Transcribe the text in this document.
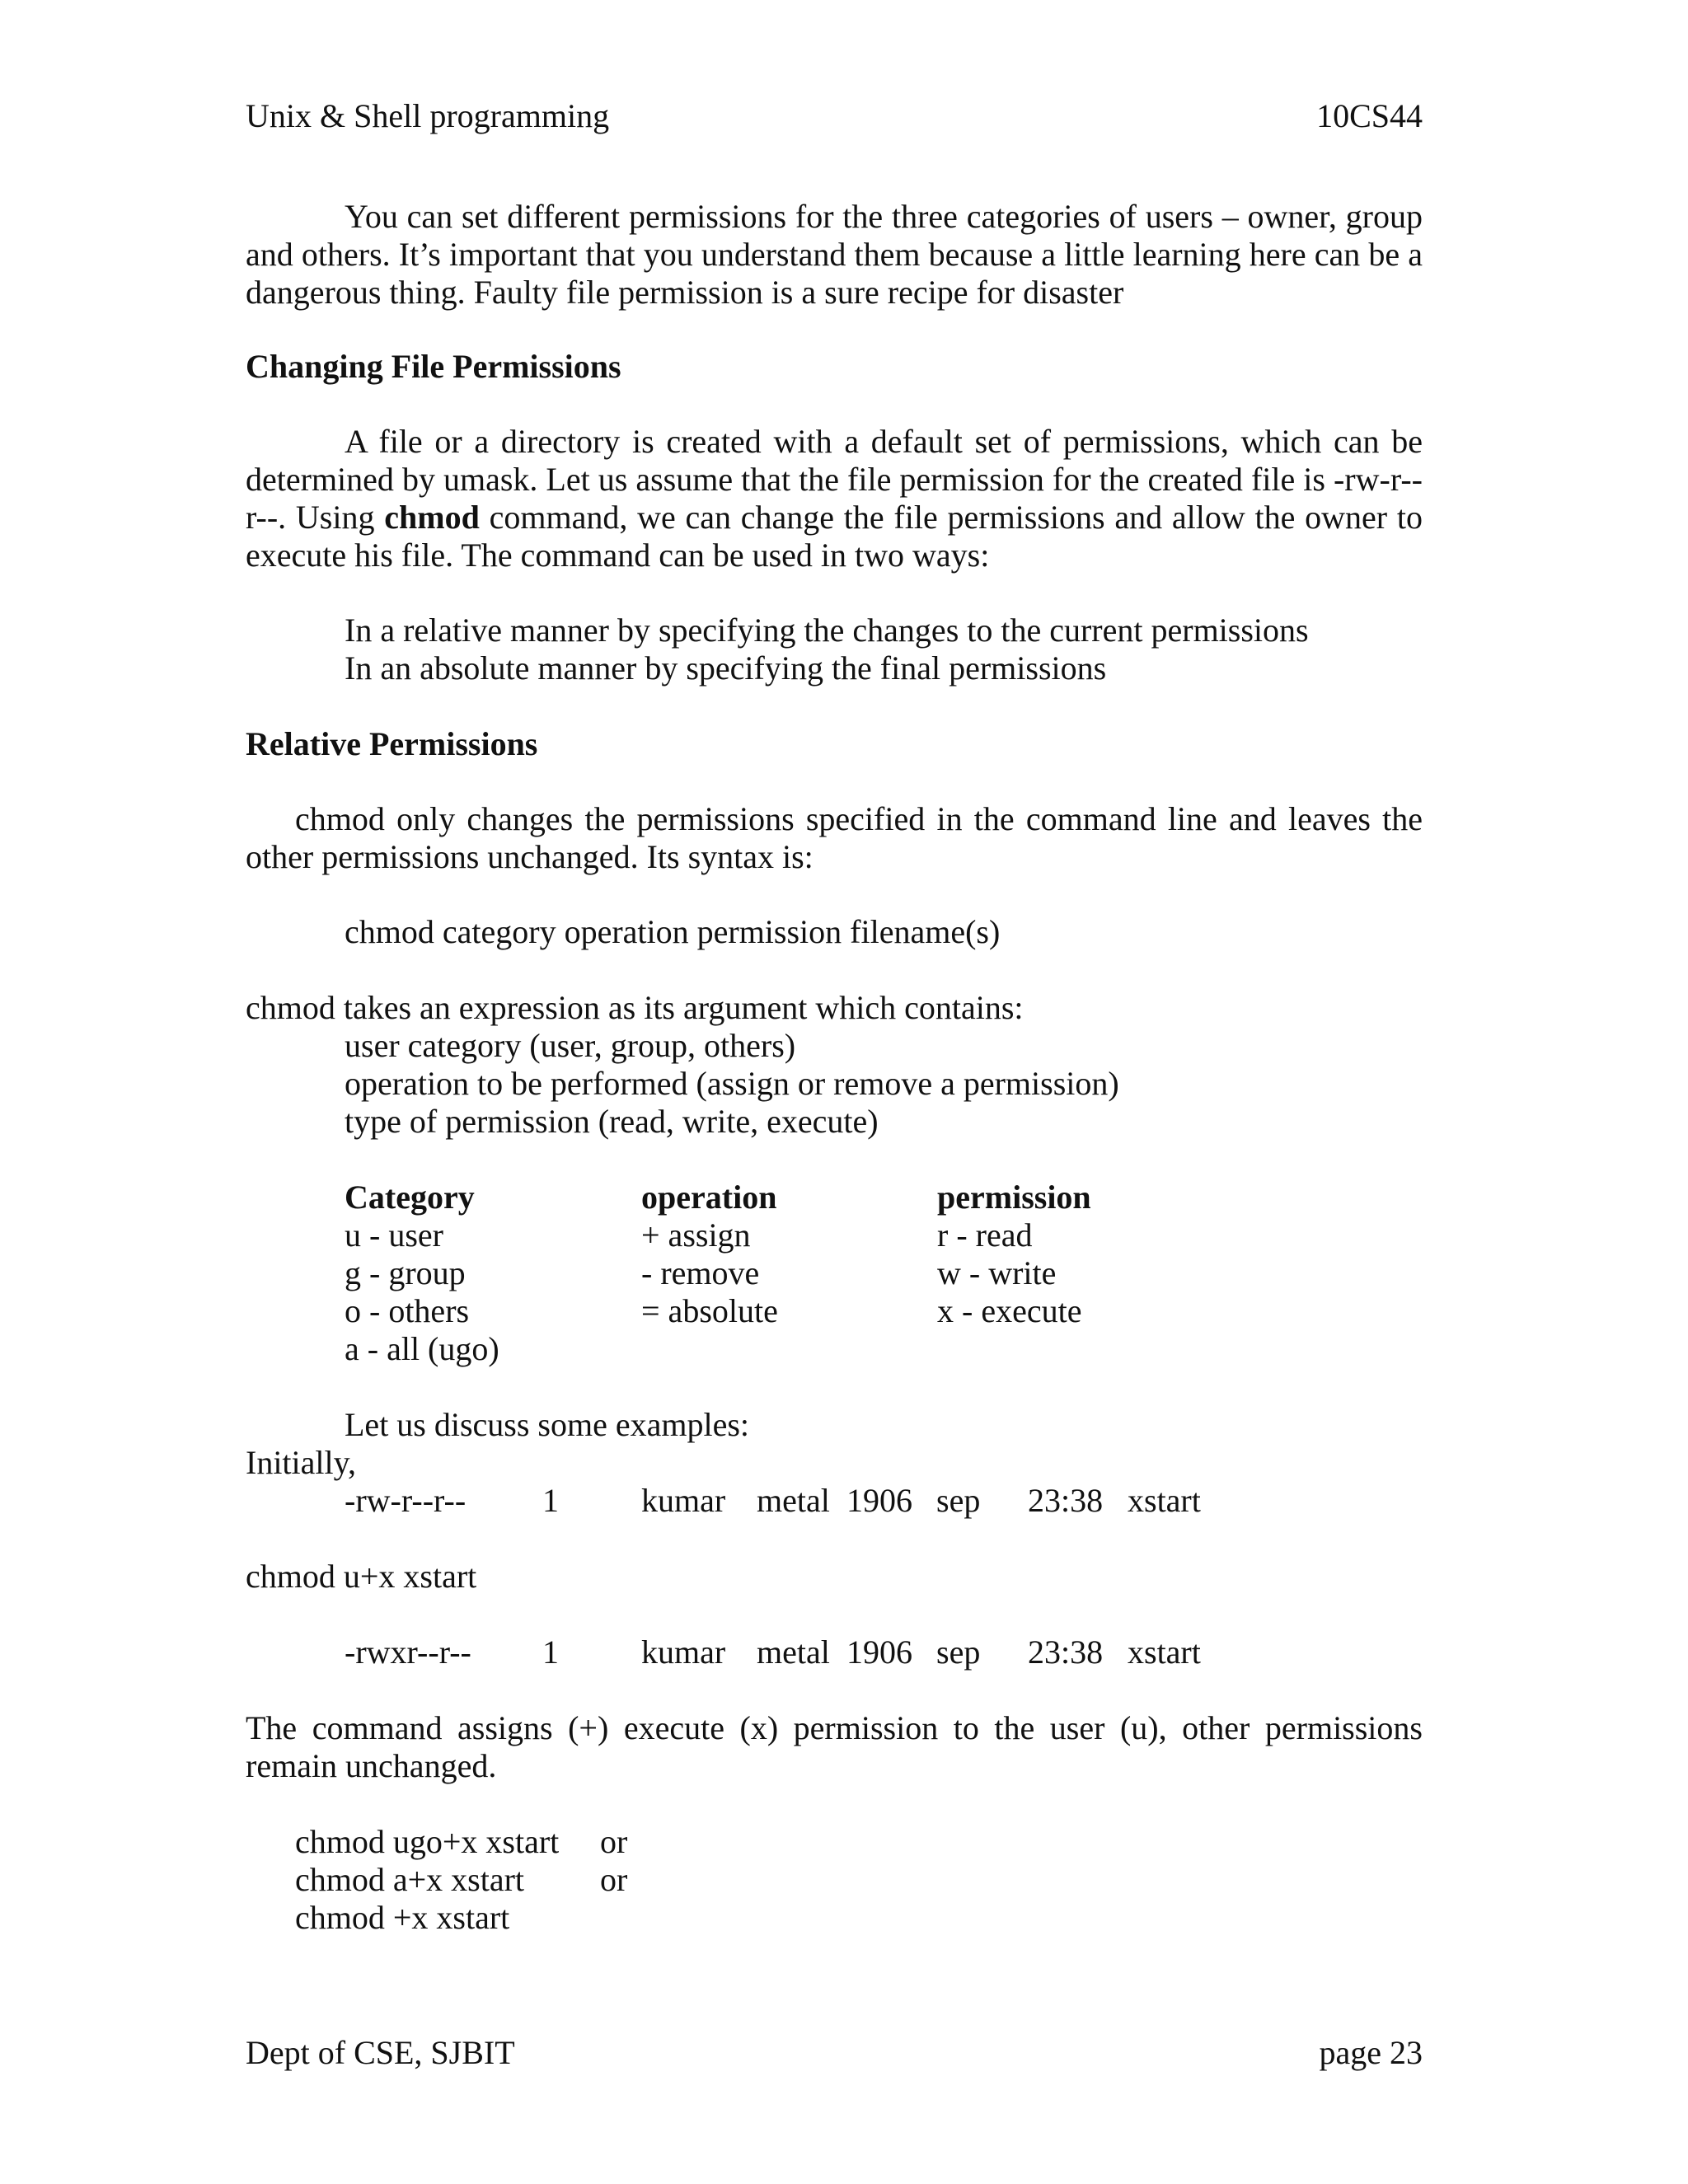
Unix & Shell programming	10CS44
You can set different permissions for the three categories of users – owner, group and others. It’s important that you understand them because a little learning here can be a dangerous thing. Faulty file permission is a sure recipe for disaster
Changing File Permissions
A file or a directory is created with a default set of permissions, which can be determined by umask. Let us assume that the file permission for the created file is -rw-r--r--. Using chmod command, we can change the file permissions and allow the owner to execute his file. The command can be used in two ways:
In a relative manner by specifying the changes to the current permissions
In an absolute manner by specifying the final permissions
Relative Permissions
chmod only changes the permissions specified in the command line and leaves the other permissions unchanged. Its syntax is:
chmod category operation permission filename(s)
chmod takes an expression as its argument which contains:
user category (user, group, others)
operation to be performed (assign or remove a permission)
type of permission (read, write, execute)
Category	operation	permission
u - user	+ assign	r - read
g - group	- remove	w - write
o - others	= absolute	x - execute
a - all (ugo)
Let us discuss some examples:
Initially,
-rw-r--r-- 1	kumar metal 1906 sep 23:38 xstart
chmod u+x xstart
-rwxr--r-- 1	kumar metal 1906 sep 23:38 xstart
The command assigns (+) execute (x) permission to the user (u), other permissions
remain unchanged.
chmod ugo+x xstart or
chmod a+x xstart or
chmod +x xstart
Dept of CSE, SJBIT	page 23
